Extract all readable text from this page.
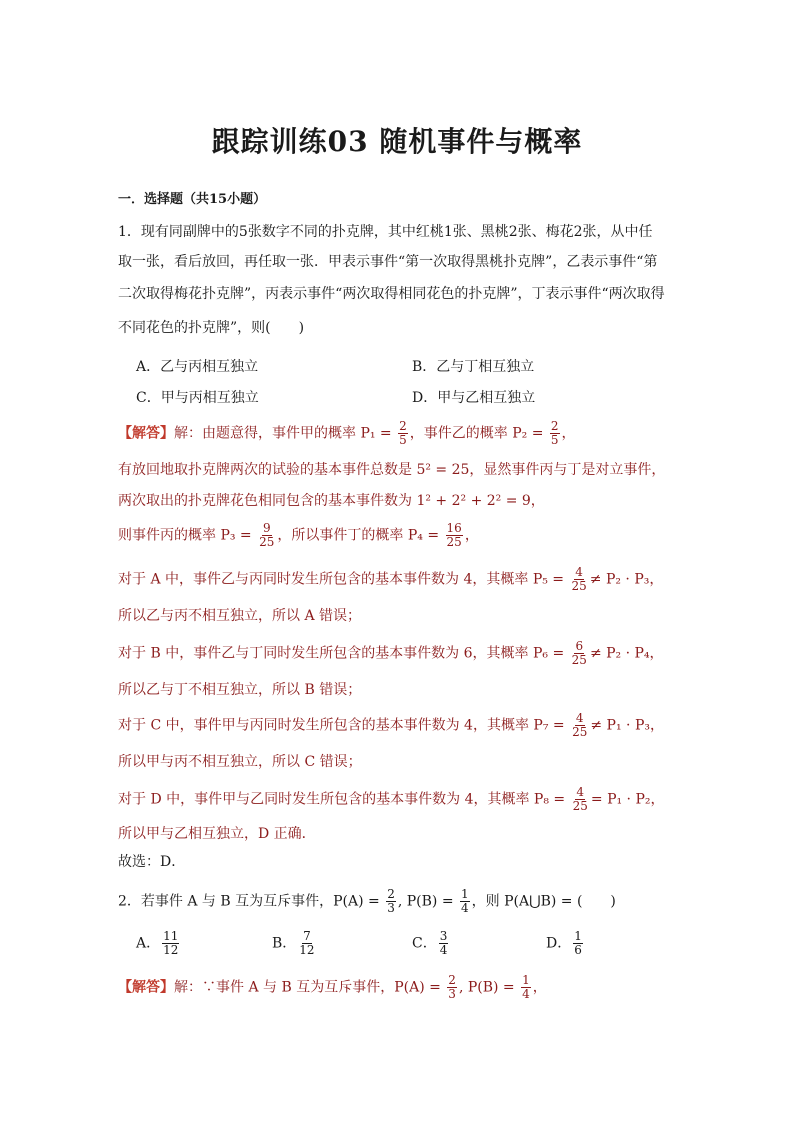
跟踪训练03 随机事件与概率
一．选择题（共15小题）
1．现有同副牌中的5张数字不同的扑克牌，其中红桃1张、黑桃2张、梅花2张，从中任
取一张，看后放回，再任取一张．甲表示事件“第一次取得黑桃扑克牌”，乙表示事件“第
二次取得梅花扑克牌”，丙表示事件“两次取得相同花色的扑克牌”，丁表示事件“两次取得
不同花色的扑克牌”，则(　　)
A．乙与丙相互独立	B．乙与丁相互独立
C．甲与丙相互独立	D．甲与乙相互独立
【解答】解：由题意得，事件甲的概率 $P_1 = \frac{2}{5}$ ，事件乙的概率 $P_2 = \frac{2}{5}$ ，
有放回地取扑克牌两次的试验的基本事件总数是 5² = 25，显然事件丙与丁是对立事件，
两次取出的扑克牌花色相同包含的基本事件数为 1² + 2² + 2² = 9，
则事件丙的概率 $P_3 = \frac{9}{25}$ ，所以事件丁的概率 $P_4 = \frac{16}{25}$ ，
对于 A 中，事件乙与丙同时发生所包含的基本事件数为 4，其概率 $P_5 = \frac{4}{25} \ne P_2 \cdot P_3$，
所以乙与丙不相互独立，所以 A 错误；
对于 B 中，事件乙与丁同时发生所包含的基本事件数为 6，其概率 $P_6 = \frac{6}{25} \ne P_2 \cdot P_4$，
所以乙与丁不相互独立，所以 B 错误；
对于 C 中，事件甲与丙同时发生所包含的基本事件数为 4，其概率 $P_7 = \frac{4}{25} \ne P_1 \cdot P_3$，
所以甲与丙不相互独立，所以 C 错误；
对于 D 中，事件甲与乙同时发生所包含的基本事件数为 4，其概率 $P_8 = \frac{4}{25} = P_1 \cdot P_2$，
所以甲与乙相互独立，D 正确．
故选：D．
2．若事件 A 与 B 互为互斥事件，$P(A) = \frac{2}{3}$ , $P(B) = \frac{1}{4}$ ，则 P(A⋃B) = (　　)
A． $\frac{11}{12}$	B． $\frac{7}{12}$	C． $\frac{3}{4}$	D． $\frac{1}{6}$
【解答】解：∵事件 A 与 B 互为互斥事件，$P(A) = \frac{2}{3}$ , $P(B) = \frac{1}{4}$ ，
